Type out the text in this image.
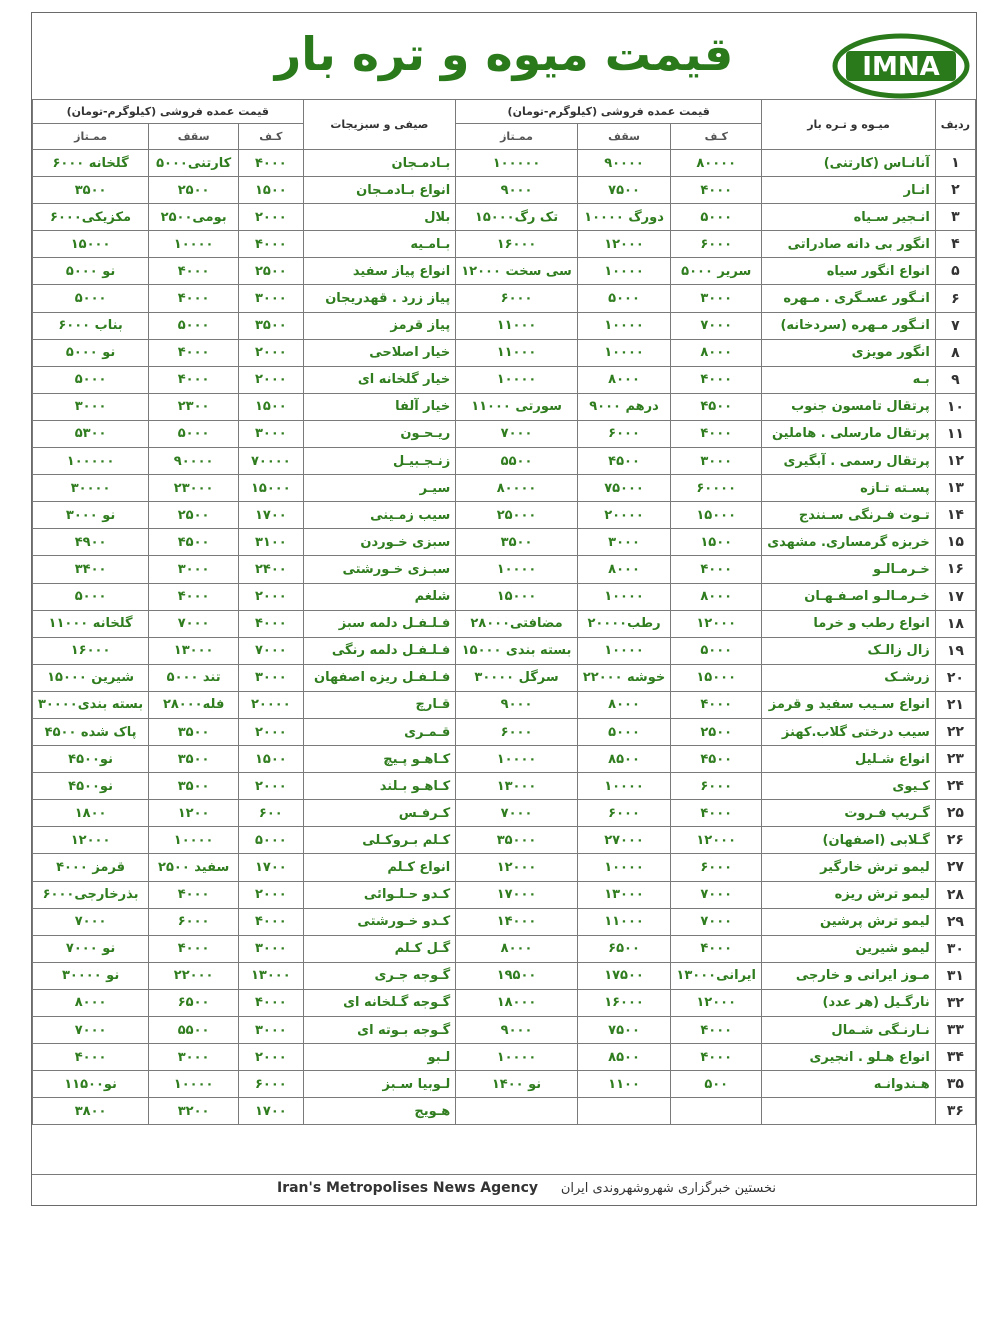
قیمت میوه و تره بار	IMNA
ردیف	میـوه و تـره بار	قیمت عمده فروشی (کیلوگرم-تومان)			صیفی و سبزیجات	قیمت عمده فروشی (کیلوگرم-تومان)		
		کـف	سقف	ممـتاز		کـف	سقف	ممـتاز
۱	آنانـاس (کارتنی)	۸۰۰۰۰	۹۰۰۰۰	۱۰۰۰۰۰	بـادمـجان	۴۰۰۰	کارتنی۵۰۰۰	گلخانه ۶۰۰۰
۲	انـار	۴۰۰۰	۷۵۰۰	۹۰۰۰	انواع بـادمـجان	۱۵۰۰	۲۵۰۰	۳۵۰۰
۳	انـجیر سـیاه	۵۰۰۰	دورگ ۱۰۰۰۰	تک رگ۱۵۰۰۰	بلال	۲۰۰۰	بومی۲۵۰۰	مکزیکی۶۰۰۰
۴	انگور بی دانه صادراتی	۶۰۰۰	۱۲۰۰۰	۱۶۰۰۰	بـامـیه	۴۰۰۰	۱۰۰۰۰	۱۵۰۰۰
۵	انواع انگور سیاه	سریر ۵۰۰۰	۱۰۰۰۰	سی سخت ۱۲۰۰۰	انواع پیاز سفید	۲۵۰۰	۴۰۰۰	نو ۵۰۰۰
۶	انـگور عسـگری . مـهره	۳۰۰۰	۵۰۰۰	۶۰۰۰	پیاز زرد . قهدریجان	۳۰۰۰	۴۰۰۰	۵۰۰۰
۷	انـگور مـهره (سردخانه)	۷۰۰۰	۱۰۰۰۰	۱۱۰۰۰	پیاز قرمز	۳۵۰۰	۵۰۰۰	بناب ۶۰۰۰
۸	انگور مویزی	۸۰۰۰	۱۰۰۰۰	۱۱۰۰۰	خیار اصلاحی	۲۰۰۰	۴۰۰۰	نو ۵۰۰۰
۹	بـه	۴۰۰۰	۸۰۰۰	۱۰۰۰۰	خیار گلخانه ای	۲۰۰۰	۴۰۰۰	۵۰۰۰
۱۰	پرتقال تامسون جنوب	۴۵۰۰	درهم ۹۰۰۰	سورتی ۱۱۰۰۰	خیار آلفا	۱۵۰۰	۲۳۰۰	۳۰۰۰
۱۱	پرتقال مارسلی . هاملین	۴۰۰۰	۶۰۰۰	۷۰۰۰	ریـحـون	۳۰۰۰	۵۰۰۰	۵۳۰۰
۱۲	پرتقال رسمی . آبگیری	۳۰۰۰	۴۵۰۰	۵۵۰۰	زنـجـبیـل	۷۰۰۰۰	۹۰۰۰۰	۱۰۰۰۰۰
۱۳	پسـته تـازه	۶۰۰۰۰	۷۵۰۰۰	۸۰۰۰۰	سیـر	۱۵۰۰۰	۲۳۰۰۰	۳۰۰۰۰
۱۴	تـوت فـرنگی سـنندج	۱۵۰۰۰	۲۰۰۰۰	۲۵۰۰۰	سیب زمـینی	۱۷۰۰	۲۵۰۰	نو ۳۰۰۰
۱۵	خربزه گرمساری. مشهدی	۱۵۰۰	۳۰۰۰	۳۵۰۰	سبزی خـوردن	۳۱۰۰	۴۵۰۰	۴۹۰۰
۱۶	خـرمـالـو	۴۰۰۰	۸۰۰۰	۱۰۰۰۰	سبـزی خـورشتی	۲۴۰۰	۳۰۰۰	۳۴۰۰
۱۷	خـرمـالـو اصـفـهـان	۸۰۰۰	۱۰۰۰۰	۱۵۰۰۰	شلغم	۲۰۰۰	۴۰۰۰	۵۰۰۰
۱۸	انواع رطب و خرما	۱۲۰۰۰	رطب۲۰۰۰۰	مضافتی۲۸۰۰۰	فـلـفـل دلمه سبز	۴۰۰۰	۷۰۰۰	گلخانه ۱۱۰۰۰
۱۹	زال زالـک	۵۰۰۰	۱۰۰۰۰	بسته بندی ۱۵۰۰۰	فـلـفـل دلمه رنگی	۷۰۰۰	۱۳۰۰۰	۱۶۰۰۰
۲۰	زرشـک	۱۵۰۰۰	خوشه ۲۲۰۰۰	سرگل ۳۰۰۰۰	فـلـفـل ریزه اصفهان	۳۰۰۰	تند ۵۰۰۰	شیرین ۱۵۰۰۰
۲۱	انواع سـیب سفید و قرمز	۴۰۰۰	۸۰۰۰	۹۰۰۰	قـارچ	۲۰۰۰۰	فله۲۸۰۰۰	بسته بندی۳۰۰۰۰
۲۲	سیب درختی گلاب.کهنز	۲۵۰۰	۵۰۰۰	۶۰۰۰	قـمـری	۲۰۰۰	۳۵۰۰	پاک شده ۴۵۰۰
۲۳	انواع شـلیل	۴۵۰۰	۸۵۰۰	۱۰۰۰۰	کـاهـو پـیچ	۱۵۰۰	۳۵۰۰	نو۴۵۰۰
۲۴	کـیوی	۶۰۰۰	۱۰۰۰۰	۱۳۰۰۰	کـاهـو بـلند	۲۰۰۰	۳۵۰۰	نو۴۵۰۰
۲۵	گـریپ فـروت	۴۰۰۰	۶۰۰۰	۷۰۰۰	کـرفـس	۶۰۰	۱۲۰۰	۱۸۰۰
۲۶	گـلابی (اصفهان)	۱۲۰۰۰	۲۷۰۰۰	۳۵۰۰۰	کـلم بـروکـلی	۵۰۰۰	۱۰۰۰۰	۱۲۰۰۰
۲۷	لیمو ترش خارگیر	۶۰۰۰	۱۰۰۰۰	۱۲۰۰۰	انواع کـلم	۱۷۰۰	سفید ۲۵۰۰	قرمز ۴۰۰۰
۲۸	لیمو ترش ریزه	۷۰۰۰	۱۳۰۰۰	۱۷۰۰۰	کـدو حـلـوائی	۲۰۰۰	۴۰۰۰	بذرخارجی۶۰۰۰
۲۹	لیمو ترش پرشین	۷۰۰۰	۱۱۰۰۰	۱۴۰۰۰	کـدو خـورشتی	۴۰۰۰	۶۰۰۰	۷۰۰۰
۳۰	لیمو شیرین	۴۰۰۰	۶۵۰۰	۸۰۰۰	گـل کـلم	۳۰۰۰	۴۰۰۰	نو ۷۰۰۰
۳۱	مـوز ایرانی و خارجی	ایرانی۱۳۰۰۰	۱۷۵۰۰	۱۹۵۰۰	گـوجه جـری	۱۳۰۰۰	۲۲۰۰۰	نو ۳۰۰۰۰
۳۲	نارگـیل (هر عدد)	۱۲۰۰۰	۱۶۰۰۰	۱۸۰۰۰	گـوجه گـلخانه ای	۴۰۰۰	۶۵۰۰	۸۰۰۰
۳۳	نـارنـگی شـمال	۴۰۰۰	۷۵۰۰	۹۰۰۰	گـوجه بـوته ای	۳۰۰۰	۵۵۰۰	۷۰۰۰
۳۴	انواع هـلو . انجیری	۴۰۰۰	۸۵۰۰	۱۰۰۰۰	لـبو	۲۰۰۰	۳۰۰۰	۴۰۰۰
۳۵	هـندوانـه	۵۰۰	۱۱۰۰	نو ۱۴۰۰	لـوبیا سـبز	۶۰۰۰	۱۰۰۰۰	نو۱۱۵۰۰
۳۶					هـویج	۱۷۰۰	۳۲۰۰	۳۸۰۰
نخستین خبرگزاری شهروشهروندی ایران
Iran's Metropolises News Agency
